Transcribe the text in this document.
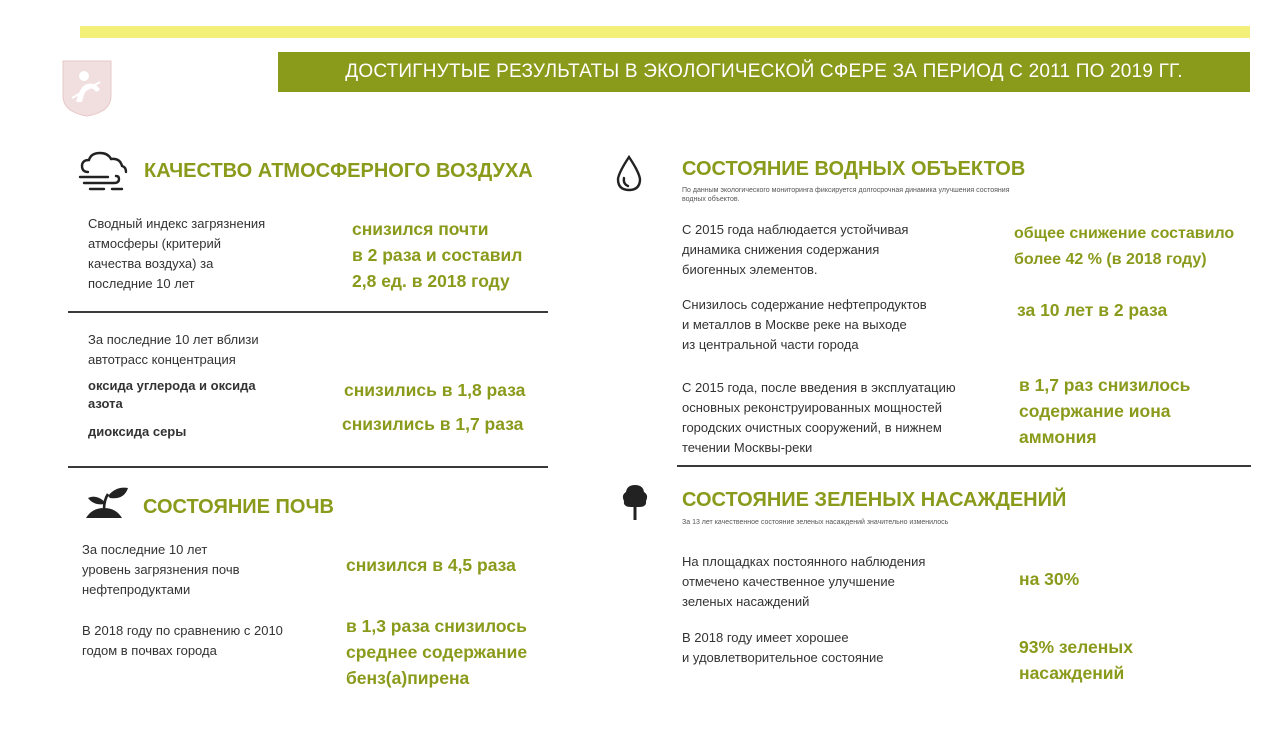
ДОСТИГНУТЫЕ РЕЗУЛЬТАТЫ В ЭКОЛОГИЧЕСКОЙ СФЕРЕ ЗА ПЕРИОД С 2011 ПО 2019 ГГ.
КАЧЕСТВО АТМОСФЕРНОГО ВОЗДУХА
Сводный индекс загрязнения
атмосферы (критерий
качества воздуха) за
последние 10 лет
снизился почти
в 2 раза и составил
2,8 ед. в 2018 году
За последние 10 лет вблизи
автотрасс концентрация
оксида углерода и оксида
азота
снизились в 1,8 раза
диоксида серы	снизились в 1,7 раза
СОСТОЯНИЕ ПОЧВ
За последние 10 лет
уровень загрязнения почв
нефтепродуктами
снизился в 4,5 раза
В 2018 году по сравнению с 2010
годом в почвах города
в 1,3 раза снизилось
среднее содержание
бенз(а)пирена
СОСТОЯНИЕ ВОДНЫХ ОБЪЕКТОВ
По данным экологического мониторинга фиксируется долгосрочная динамика улучшения состояния
водных объектов.
С 2015 года наблюдается устойчивая
динамика снижения содержания
биогенных элементов.
общее снижение составило
более 42 % (в 2018 году)
Снизилось содержание нефтепродуктов
и металлов в Москве реке на выходе
из центральной части города
за 10 лет в 2 раза
С 2015 года, после введения в эксплуатацию
основных реконструированных мощностей
городских очистных сооружений, в нижнем
течении Москвы-реки
в 1,7 раз снизилось
содержание иона
аммония
СОСТОЯНИЕ ЗЕЛЕНЫХ НАСАЖДЕНИЙ
За 13 лет качественное состояние зеленых насаждений значительно изменилось
На площадках постоянного наблюдения
отмечено качественное улучшение
зеленых насаждений
на 30%
В 2018 году имеет хорошее
и удовлетворительное состояние
93% зеленых
насаждений
